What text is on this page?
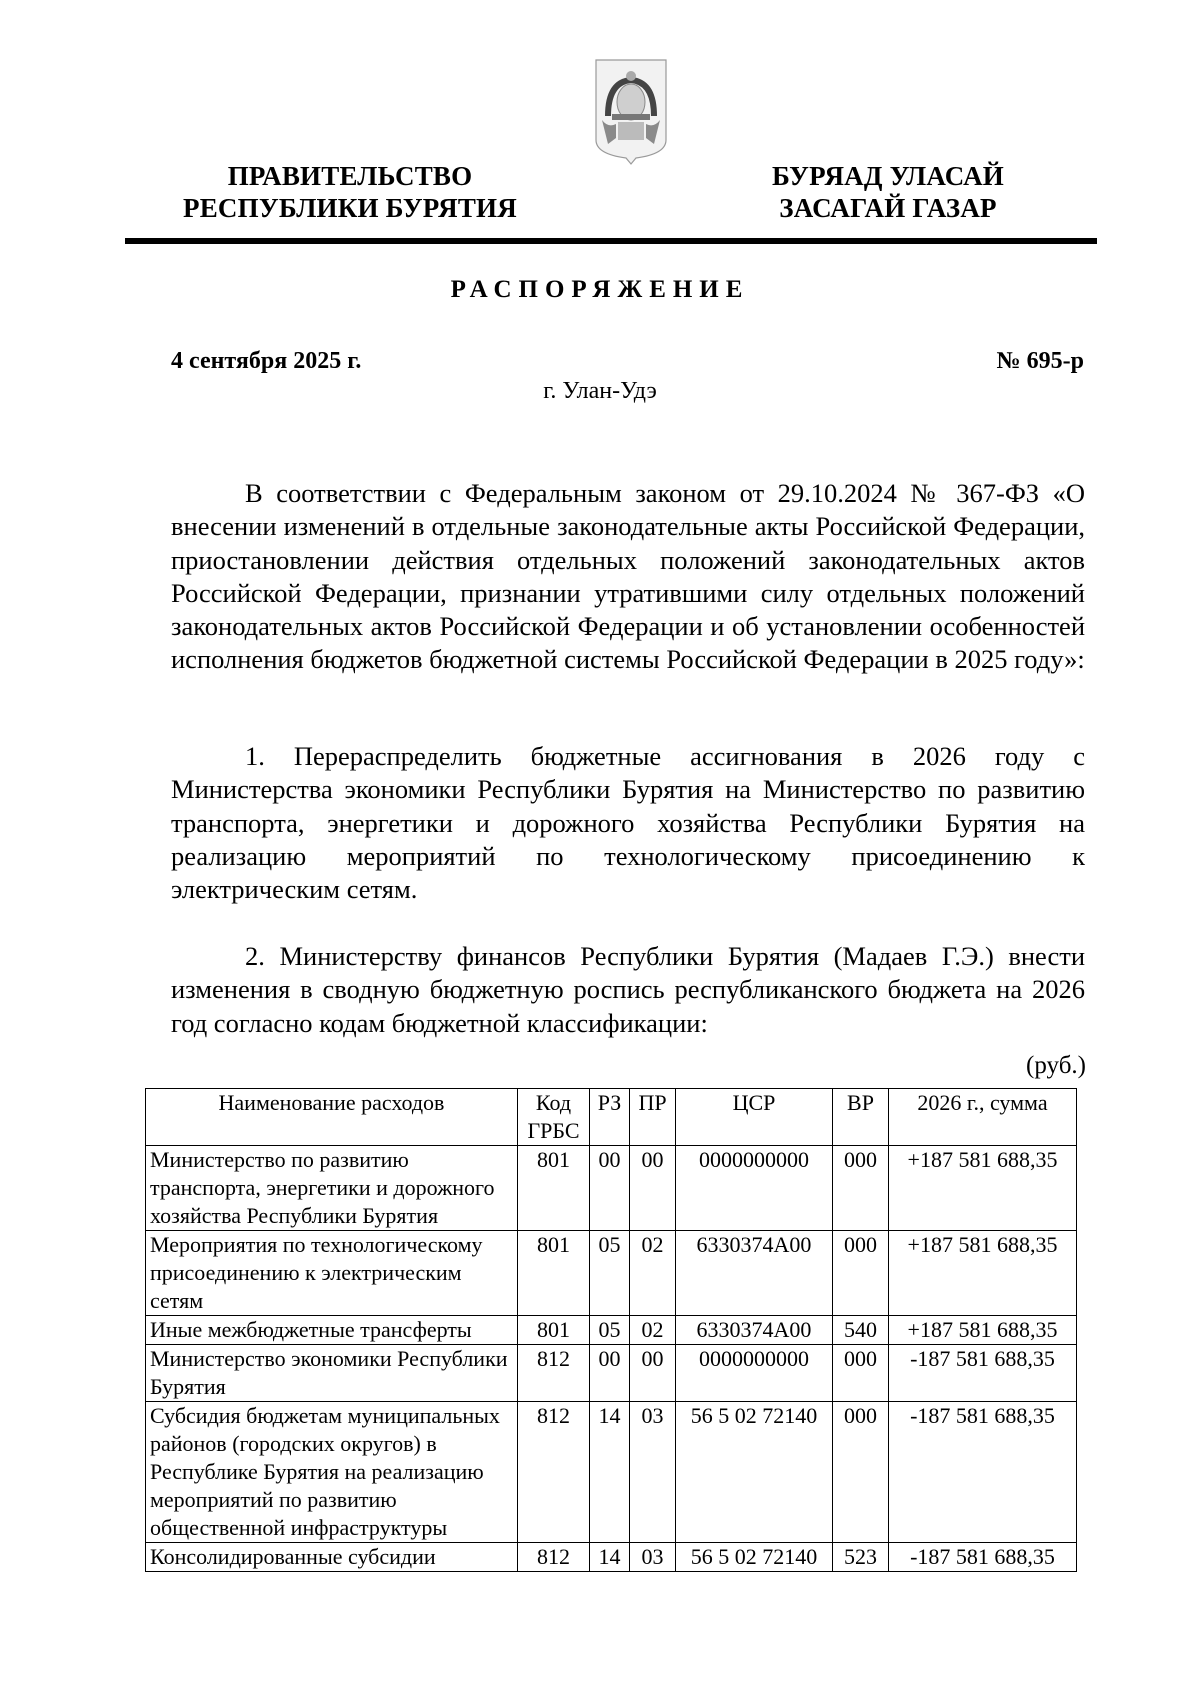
ПРАВИТЕЛЬСТВО
РЕСПУБЛИКИ БУРЯТИЯ
БУРЯАД УЛАСАЙ
ЗАСАГАЙ ГАЗАР
РАСПОРЯЖЕНИЕ
4 сентября 2025 г.	№ 695-р
г. Улан-Удэ

В соответствии с Федеральным законом от 29.10.2024 № 367-ФЗ «О внесении изменений в отдельные законодательные акты Российской Федерации, приостановлении действия отдельных положений законодательных актов Российской Федерации, признании утратившими силу отдельных положений законодательных актов Российской Федерации и об установлении особенностей исполнения бюджетов бюджетной системы Российской Федерации в 2025 году»:

1. Перераспределить бюджетные ассигнования в 2026 году с Министерства экономики Республики Бурятия на Министерство по развитию транспорта, энергетики и дорожного хозяйства Республики Бурятия на реализацию мероприятий по технологическому присоединению к электрическим сетям.

2. Министерству финансов Республики Бурятия (Мадаев Г.Э.) внести изменения в сводную бюджетную роспись республиканского бюджета на 2026 год согласно кодам бюджетной классификации:

(руб.)
Наименование расходов	Код ГРБС	РЗ	ПР	ЦСР	ВР	2026 г., сумма
Министерство по развитию транспорта, энергетики и дорожного хозяйства Республики Бурятия	801	00	00	0000000000	000	+187 581 688,35
Мероприятия по технологическому присоединению к электрическим сетям	801	05	02	6330374А00	000	+187 581 688,35
Иные межбюджетные трансферты	801	05	02	6330374А00	540	+187 581 688,35
Министерство экономики Республики Бурятия	812	00	00	0000000000	000	-187 581 688,35
Субсидия бюджетам муниципальных районов (городских округов) в Республике Бурятия на реализацию мероприятий по развитию общественной инфраструктуры	812	14	03	56 5 02 72140	000	-187 581 688,35
Консолидированные субсидии	812	14	03	56 5 02 72140	523	-187 581 688,35
